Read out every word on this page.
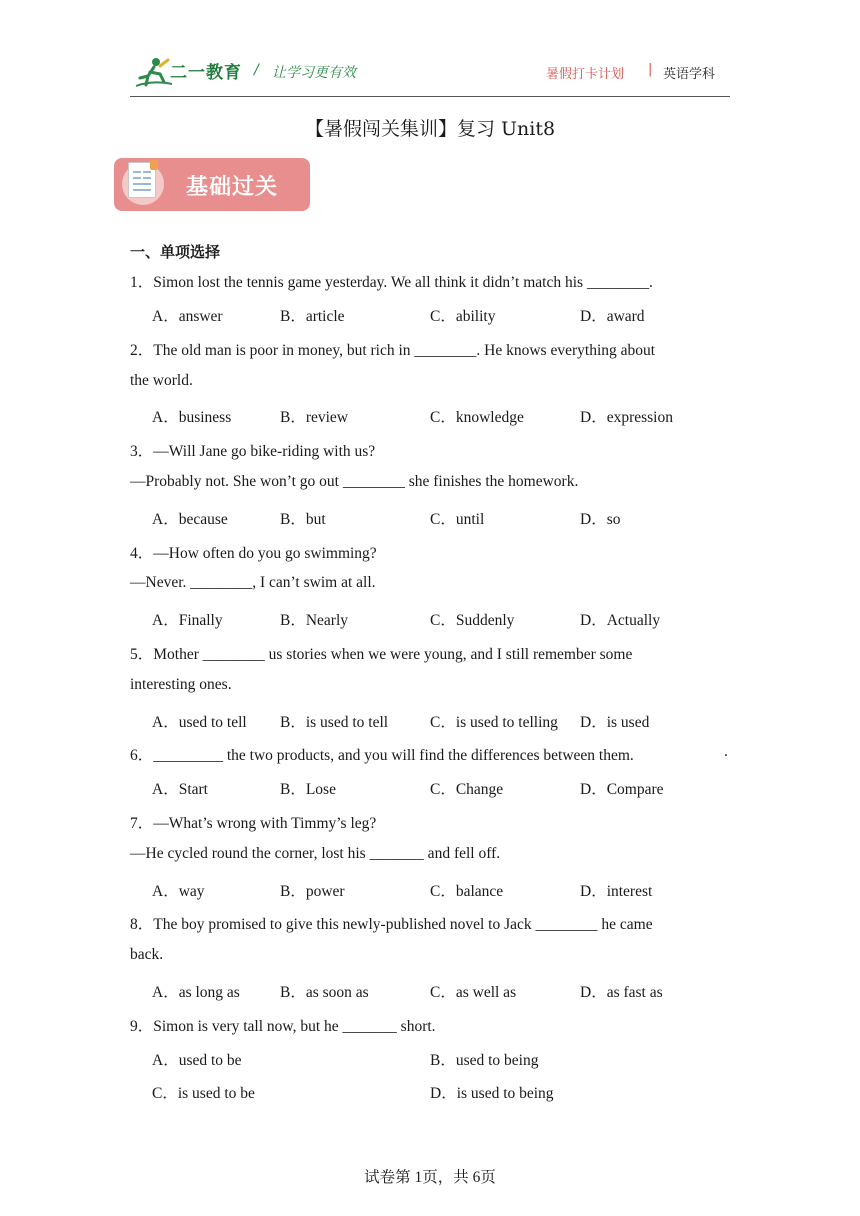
二一教育 / 让学习更有效	暑假打卡计划 | 英语学科
【暑假闯关集训】复习 Unit8
基础过关
一、单项选择
1．Simon lost the tennis game yesterday. We all think it didn’t match his ________.
A．answer	B．article	C．ability	D．award
2．The old man is poor in money, but rich in ________. He knows everything about
the world.
A．business	B．review	C．knowledge	D．expression
3．—Will Jane go bike-riding with us?
—Probably not. She won’t go out ________ she finishes the homework.
A．because	B．but	C．until	D．so
4．—How often do you go swimming?
—Never. ________, I can’t swim at all.
A．Finally	B．Nearly	C．Suddenly	D．Actually
5．Mother ________ us stories when we were young, and I still remember some
interesting ones.
A．used to tell B．is used to tell	C．is used to telling D．is used
6．_________ the two products, and you will find the differences between them.	.
A．Start	B．Lose	C．Change	D．Compare
7．—What’s wrong with Timmy’s leg?
—He cycled round the corner, lost his _______ and fell off.
A．way	B．power	C．balance	D．interest
8．The boy promised to give this newly-published novel to Jack ________ he came
back.
A．as long as	B．as soon as	C．as well as	D．as fast as
9．Simon is very tall now, but he _______ short.
A．used to be	B．used to being
C．is used to be	D．is used to being
试卷第 1页，共 6页
